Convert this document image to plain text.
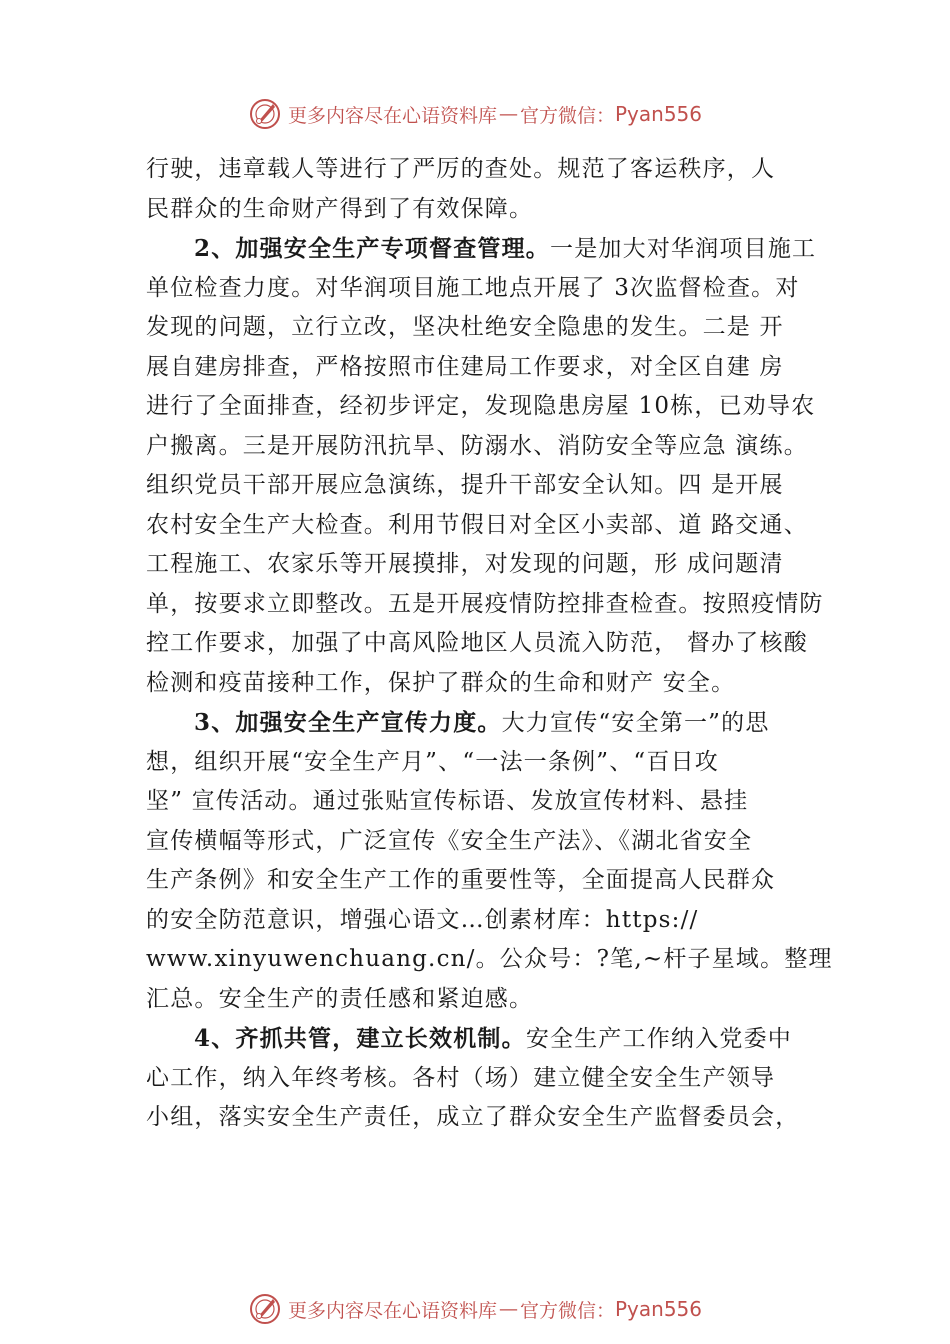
更多内容尽在心语资料库 — 官方微信： Pyan556
行驶，违章载人等进行了严厉的查处。规范了客运秩序，人
民群众的生命财产得到了有效保障。
2、加强安全生产专项督查管理。一是加大对华润项目施工
单位检查力度。对华润项目施工地点开展了 3次监督检查。对
发现的问题，立行立改，坚决杜绝安全隐患的发生。二是 开
展自建房排查，严格按照市住建局工作要求，对全区自建 房
进行了全面排查，经初步评定，发现隐患房屋 10栋，已劝导农
户搬离。三是开展防汛抗旱、防溺水、消防安全等应急 演练。
组织党员干部开展应急演练，提升干部安全认知。四 是开展
农村安全生产大检查。利用节假日对全区小卖部、道 路交通、
工程施工、农家乐等开展摸排，对发现的问题，形 成问题清
单，按要求立即整改。五是开展疫情防控排查检查。按照疫情防
控工作要求，加强了中高风险地区人员流入防范， 督办了核酸
检测和疫苗接种工作，保护了群众的生命和财产 安全。
3、加强安全生产宣传力度。大力宣传“安全第一”的思
想，组织开展“安全生产月”、“一法一条例”、“百日攻
坚” 宣传活动。通过张贴宣传标语、发放宣传材料、悬挂
宣传横幅等形式，广泛宣传《安全生产法》、《湖北省安全
生产条例》和安全生产工作的重要性等，全面提高人民群众
的安全防范意识，增强心语文…创素材库：https://
www.xinyuwenchuang.cn/。公众号：?笔,~杆子星域。整理
汇总。安全生产的责任感和紧迫感。
4、齐抓共管，建立长效机制。安全生产工作纳入党委中
心工作，纳入年终考核。各村（场）建立健全安全生产领导
小组，落实安全生产责任，成立了群众安全生产监督委员会，
更多内容尽在心语资料库 — 官方微信： Pyan556
